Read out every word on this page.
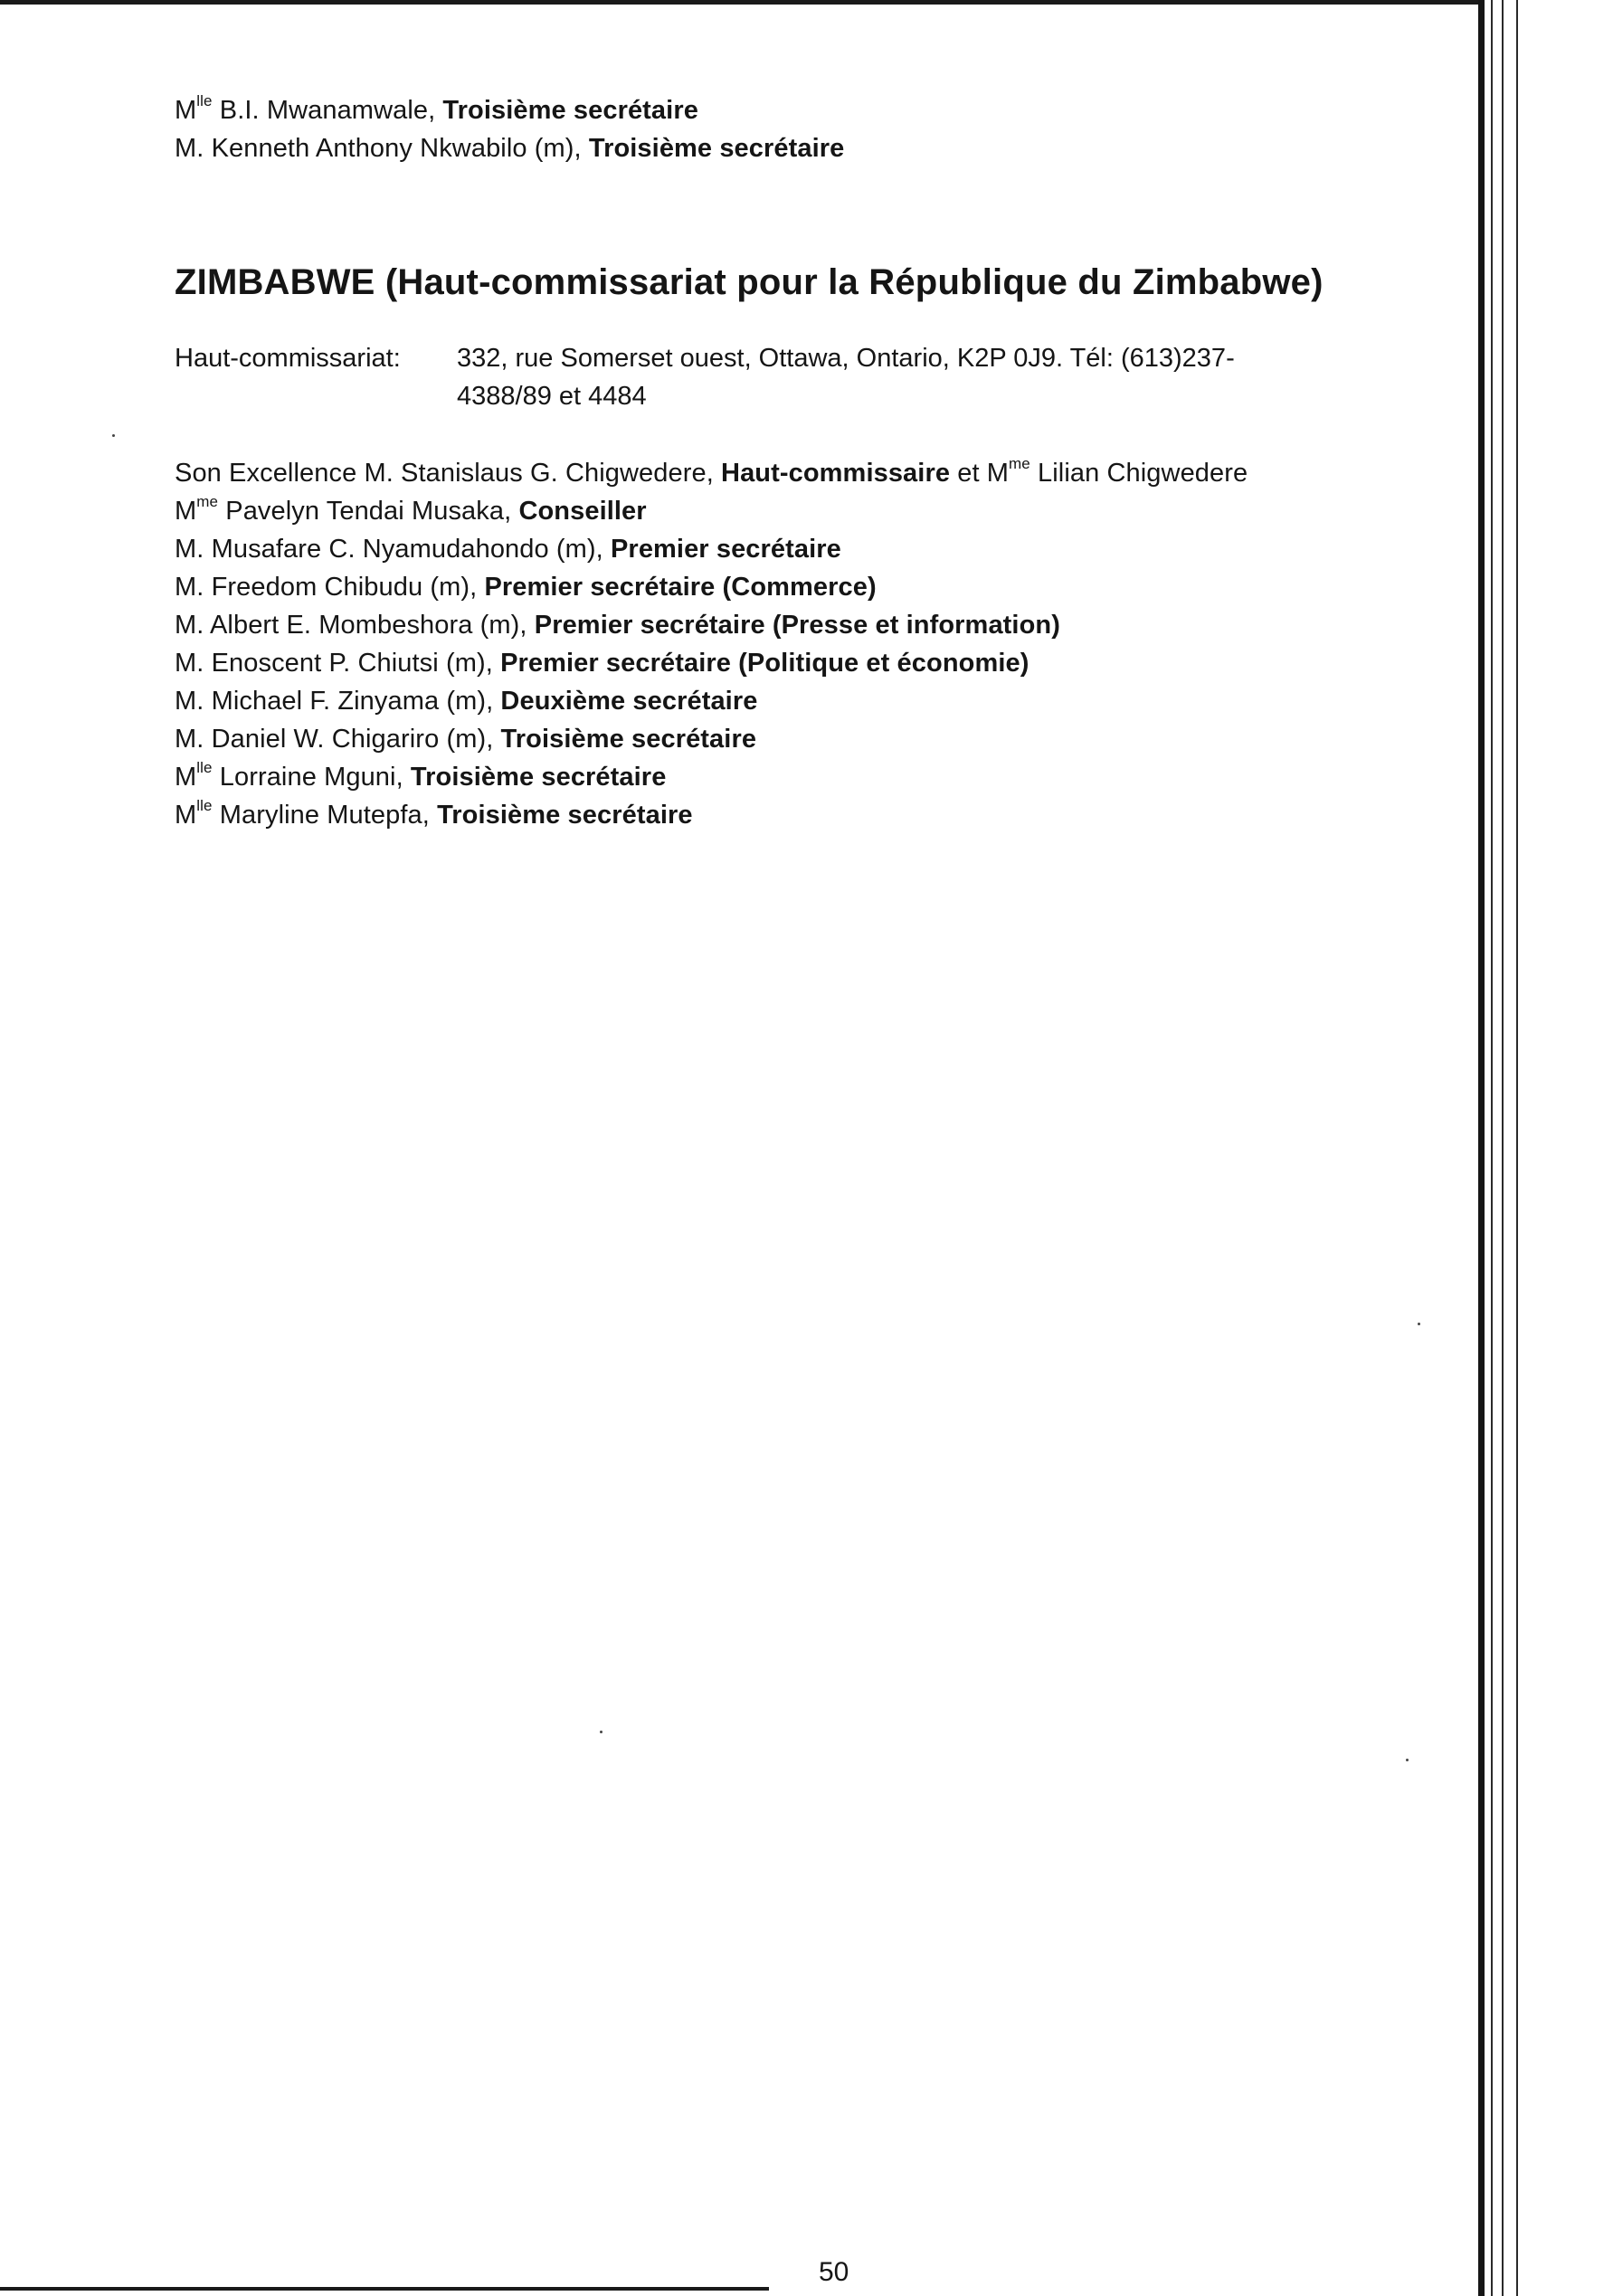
$M^{lle}$ B.I. Mwanamwale, Troisième secrétaire
M. Kenneth Anthony Nkwabilo (m), Troisième secrétaire
ZIMBABWE (Haut-commissariat pour la République du Zimbabwe)
Haut-commissariat: 332, rue Somerset ouest, Ottawa, Ontario, K2P 0J9. Tél: (613)237-
4388/89 et 4484
Son Excellence M. Stanislaus G. Chigwedere, Haut-commissaire et $M^{me}$ Lilian Chigwedere
$M^{me}$ Pavelyn Tendai Musaka, Conseiller
M. Musafare C. Nyamudahondo (m), Premier secrétaire
M. Freedom Chibudu (m), Premier secrétaire (Commerce)
M. Albert E. Mombeshora (m), Premier secrétaire (Presse et information)
M. Enoscent P. Chiutsi (m), Premier secrétaire (Politique et économie)
M. Michael F. Zinyama (m), Deuxième secrétaire
M. Daniel W. Chigariro (m), Troisième secrétaire
$M^{lle}$ Lorraine Mguni, Troisième secrétaire
$M^{lle}$ Maryline Mutepfa, Troisième secrétaire
50
